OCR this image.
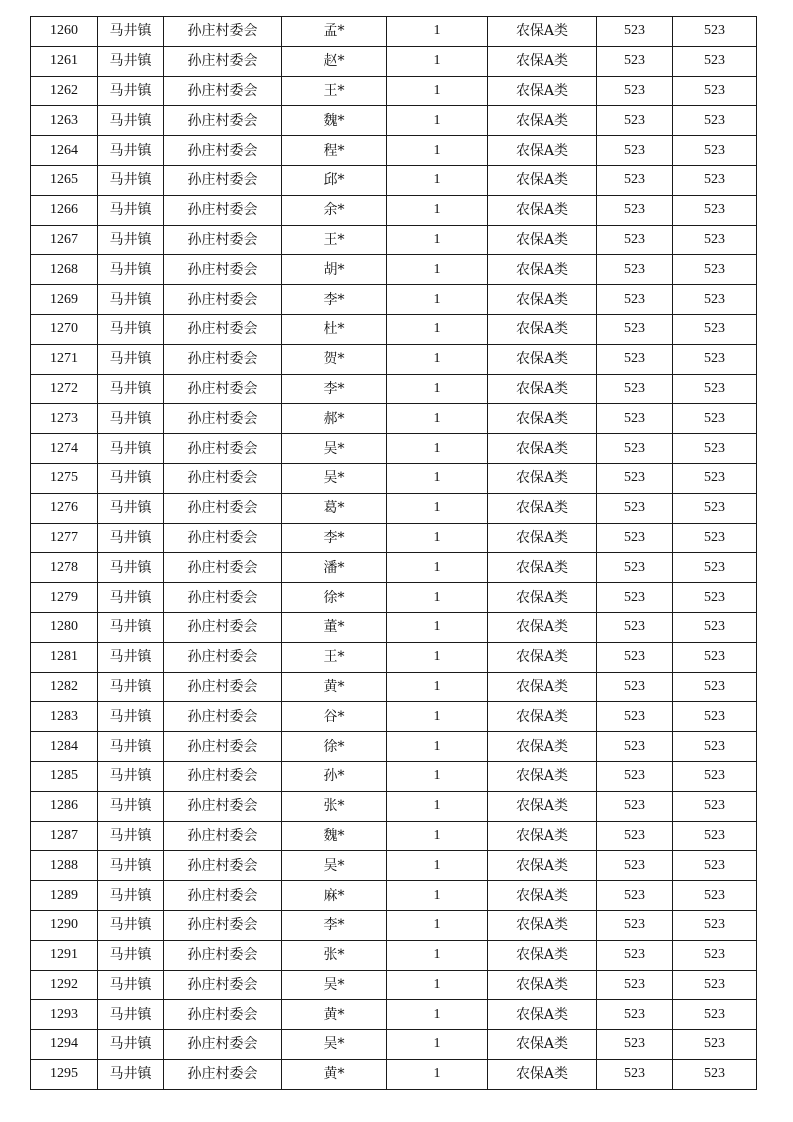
1260	马井镇	孙庄村委会	孟*	1	农保A类	523	523
1261	马井镇	孙庄村委会	赵*	1	农保A类	523	523
1262	马井镇	孙庄村委会	王*	1	农保A类	523	523
1263	马井镇	孙庄村委会	魏*	1	农保A类	523	523
1264	马井镇	孙庄村委会	程*	1	农保A类	523	523
1265	马井镇	孙庄村委会	邱*	1	农保A类	523	523
1266	马井镇	孙庄村委会	余*	1	农保A类	523	523
1267	马井镇	孙庄村委会	王*	1	农保A类	523	523
1268	马井镇	孙庄村委会	胡*	1	农保A类	523	523
1269	马井镇	孙庄村委会	李*	1	农保A类	523	523
1270	马井镇	孙庄村委会	杜*	1	农保A类	523	523
1271	马井镇	孙庄村委会	贺*	1	农保A类	523	523
1272	马井镇	孙庄村委会	李*	1	农保A类	523	523
1273	马井镇	孙庄村委会	郝*	1	农保A类	523	523
1274	马井镇	孙庄村委会	吴*	1	农保A类	523	523
1275	马井镇	孙庄村委会	吴*	1	农保A类	523	523
1276	马井镇	孙庄村委会	葛*	1	农保A类	523	523
1277	马井镇	孙庄村委会	李*	1	农保A类	523	523
1278	马井镇	孙庄村委会	潘*	1	农保A类	523	523
1279	马井镇	孙庄村委会	徐*	1	农保A类	523	523
1280	马井镇	孙庄村委会	董*	1	农保A类	523	523
1281	马井镇	孙庄村委会	王*	1	农保A类	523	523
1282	马井镇	孙庄村委会	黄*	1	农保A类	523	523
1283	马井镇	孙庄村委会	谷*	1	农保A类	523	523
1284	马井镇	孙庄村委会	徐*	1	农保A类	523	523
1285	马井镇	孙庄村委会	孙*	1	农保A类	523	523
1286	马井镇	孙庄村委会	张*	1	农保A类	523	523
1287	马井镇	孙庄村委会	魏*	1	农保A类	523	523
1288	马井镇	孙庄村委会	吴*	1	农保A类	523	523
1289	马井镇	孙庄村委会	麻*	1	农保A类	523	523
1290	马井镇	孙庄村委会	李*	1	农保A类	523	523
1291	马井镇	孙庄村委会	张*	1	农保A类	523	523
1292	马井镇	孙庄村委会	吴*	1	农保A类	523	523
1293	马井镇	孙庄村委会	黄*	1	农保A类	523	523
1294	马井镇	孙庄村委会	吴*	1	农保A类	523	523
1295	马井镇	孙庄村委会	黄*	1	农保A类	523	523
